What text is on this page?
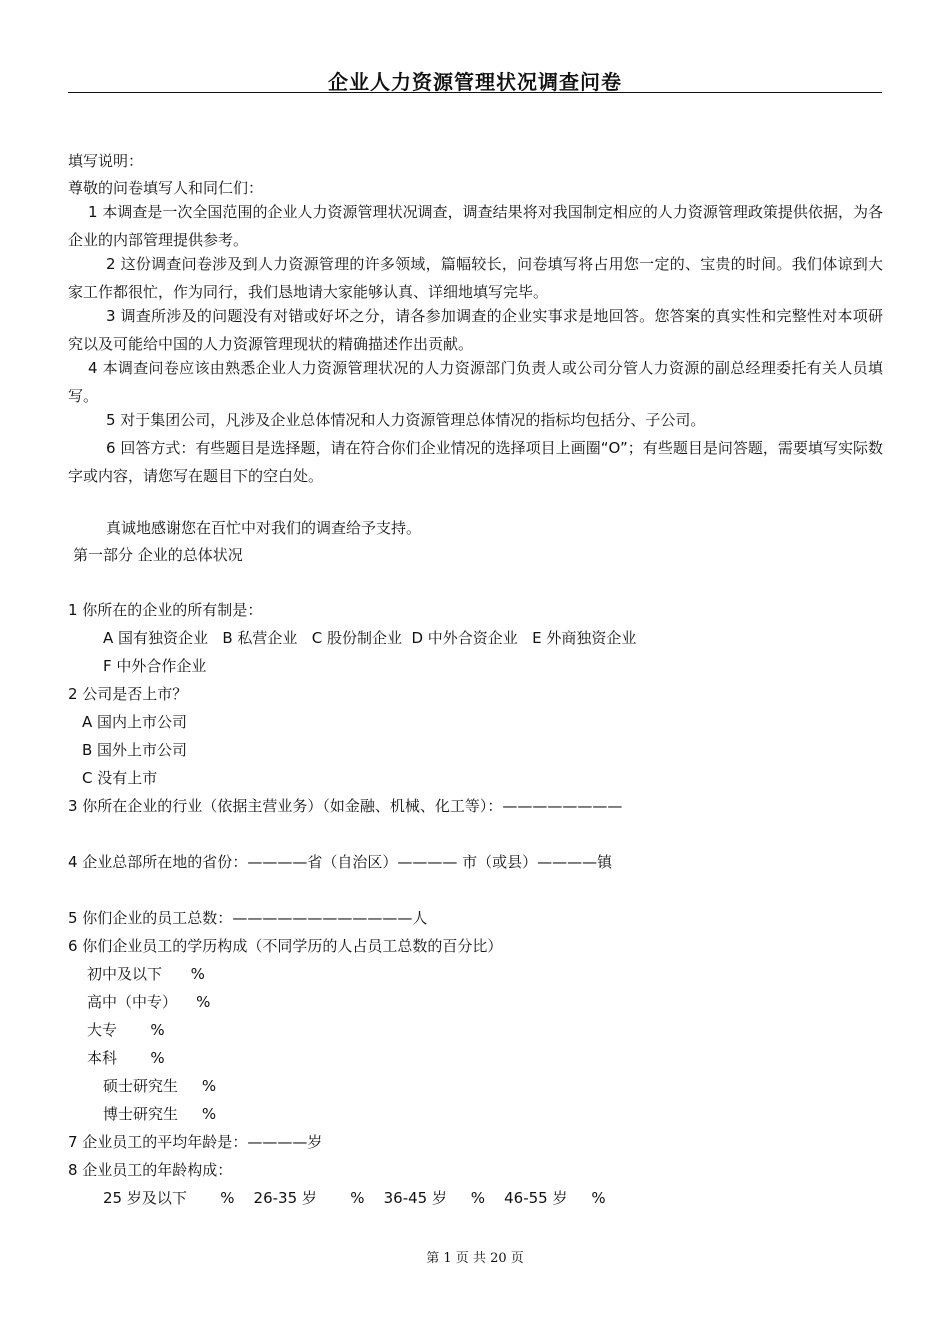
企业人力资源管理状况调查问卷
填写说明：
尊敬的问卷填写人和同仁们：
1 本调查是一次全国范围的企业人力资源管理状况调查，调查结果将对我国制定相应的人力资源管理政策提供依据，为各企业的内部管理提供参考。
2 这份调查问卷涉及到人力资源管理的许多领域，篇幅较长，问卷填写将占用您一定的、宝贵的时间。我们体谅到大家工作都很忙，作为同行，我们恳地请大家能够认真、详细地填写完毕。
3 调查所涉及的问题没有对错或好坏之分，请各参加调查的企业实事求是地回答。您答案的真实性和完整性对本项研究以及可能给中国的人力资源管理现状的精确描述作出贡献。
4 本调查问卷应该由熟悉企业人力资源管理状况的人力资源部门负责人或公司分管人力资源的副总经理委托有关人员填写。
5 对于集团公司，凡涉及企业总体情况和人力资源管理总体情况的指标均包括分、子公司。
6 回答方式：有些题目是选择题，请在符合你们企业情况的选择项目上画圈“O”；有些题目是问答题，需要填写实际数字或内容，请您写在题目下的空白处。
真诚地感谢您在百忙中对我们的调查给予支持。
第一部分 企业的总体状况
1 你所在的企业的所有制是：
A 国有独资企业   B 私营企业   C 股份制企业  D 中外合资企业   E 外商独资企业
F 中外合作企业
2 公司是否上市？
A 国内上市公司
B 国外上市公司
C 没有上市
3 你所在企业的行业（依据主营业务）（如金融、机械、化工等）：————————
4 企业总部所在地的省份：————省（自治区）———— 市（或县）————镇
5 你们企业的员工总数：————————————人
6 你们企业员工的学历构成（不同学历的人占员工总数的百分比）
初中及以下      %
高中（中专）    %
大专       %
本科       %
硕士研究生     %
博士研究生     %
7 企业员工的平均年龄是：————岁
8 企业员工的年龄构成：
25 岁及以下       %    26-35 岁       %    36-45 岁     %    46-55 岁     %
第 1 页 共 20 页
